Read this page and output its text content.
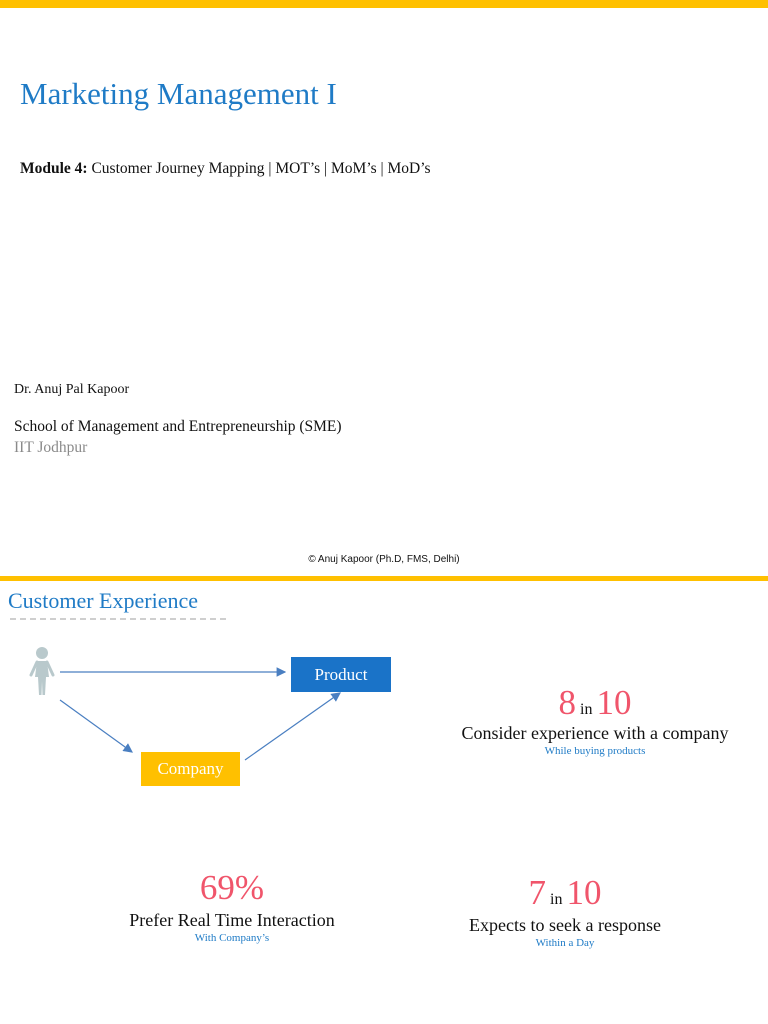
Marketing Management I
Module 4: Customer Journey Mapping | MOT’s | MoM’s | MoD’s
Dr. Anuj Pal Kapoor
School of Management and Entrepreneurship (SME)
IIT Jodhpur
© Anuj Kapoor (Ph.D, FMS, Delhi)
Customer Experience
Product
Company
8 in 10
Consider experience with a company
While buying products
69%
Prefer Real Time Interaction
With Company’s
7 in 10
Expects to seek a response
Within a Day
